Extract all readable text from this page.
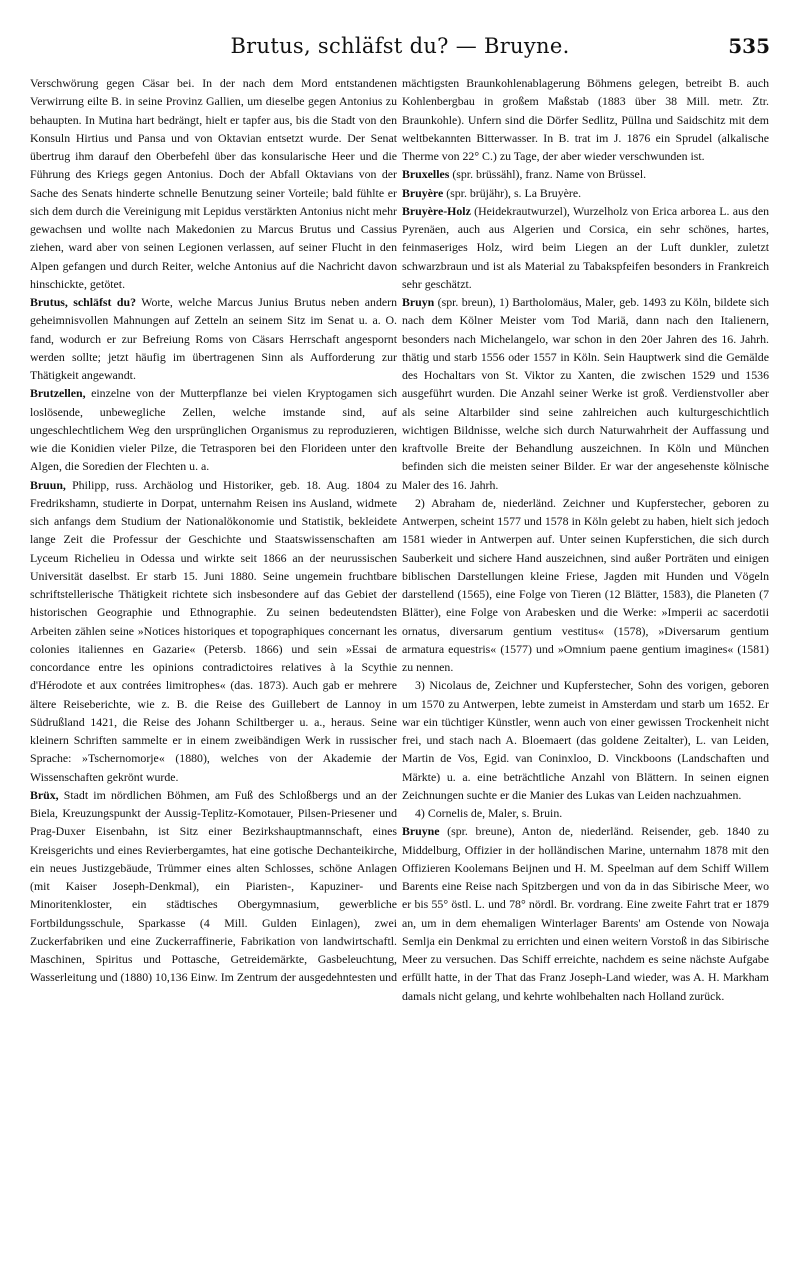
Brutus, schläfst du? — Bruyne.	535

Verschwörung gegen Cäsar bei. In der nach dem Mord entstandenen Verwirrung eilte B. in seine Provinz Gallien, um dieselbe gegen Antonius zu behaupten. In Mutina hart bedrängt, hielt er tapfer aus, bis die Stadt von den Konsuln Hirtius und Pansa und von Oktavian entsetzt wurde. Der Senat übertrug ihm darauf den Oberbefehl über das konsularische Heer und die Führung des Kriegs gegen Antonius. Doch der Abfall Oktavians von der Sache des Senats hinderte schnelle Benutzung seiner Vorteile; bald fühlte er sich dem durch die Vereinigung mit Lepidus verstärkten Antonius nicht mehr gewachsen und wollte nach Makedonien zu Marcus Brutus und Cassius ziehen, ward aber von seinen Legionen verlassen, auf seiner Flucht in den Alpen gefangen und durch Reiter, welche Antonius auf die Nachricht davon hinschickte, getötet.

Brutus, schläfst du? Worte, welche Marcus Junius Brutus neben andern geheimnisvollen Mahnungen auf Zetteln an seinem Sitz im Senat u. a. O. fand, wodurch er zur Befreiung Roms von Cäsars Herrschaft angespornt werden sollte; jetzt häufig im übertragenen Sinn als Aufforderung zur Thätigkeit angewandt.

Brutzellen, einzelne von der Mutterpflanze bei vielen Kryptogamen sich loslösende, unbewegliche Zellen, welche imstande sind, auf ungeschlechtlichem Weg den ursprünglichen Organismus zu reproduzieren, wie die Konidien vieler Pilze, die Tetrasporen bei den Florideen unter den Algen, die Soredien der Flechten u. a.

Bruun, Philipp, russ. Archäolog und Historiker, geb. 18. Aug. 1804 zu Fredrikshamn, studierte in Dorpat, unternahm Reisen ins Ausland, widmete sich anfangs dem Studium der Nationalökonomie und Statistik, bekleidete lange Zeit die Professur der Geschichte und Staatswissenschaften am Lyceum Richelieu in Odessa und wirkte seit 1866 an der neurussischen Universität daselbst. Er starb 15. Juni 1880. Seine ungemein fruchtbare schriftstellerische Thätigkeit richtete sich insbesondere auf das Gebiet der historischen Geographie und Ethnographie. Zu seinen bedeutendsten Arbeiten zählen seine »Notices historiques et topographiques concernant les colonies italiennes en Gazarie« (Petersb. 1866) und sein »Essai de concordance entre les opinions contradictoires relatives à la Scythie d'Hérodote et aux contrées limitrophes« (das. 1873). Auch gab er mehrere ältere Reiseberichte, wie z. B. die Reise des Guillebert de Lannoy in Südrußland 1421, die Reise des Johann Schiltberger u. a., heraus. Seine kleinern Schriften sammelte er in einem zweibändigen Werk in russischer Sprache: »Tschernomorje« (1880), welches von der Akademie der Wissenschaften gekrönt wurde.

Brüx, Stadt im nördlichen Böhmen, am Fuß des Schloßbergs und an der Biela, Kreuzungspunkt der Aussig-Teplitz-Komotauer, Pilsen-Priesener und Prag-Duxer Eisenbahn, ist Sitz einer Bezirkshauptmannschaft, eines Kreisgerichts und eines Revierbergamtes, hat eine gotische Dechanteikirche, ein neues Justizgebäude, Trümmer eines alten Schlosses, schöne Anlagen (mit Kaiser Joseph-Denkmal), ein Piaristen-, Kapuziner- und Minoritenkloster, ein städtisches Obergymnasium, gewerbliche Fortbildungsschule, Sparkasse (4 Mill. Gulden Einlagen), zwei Zuckerfabriken und eine Zuckerraffinerie, Fabrikation von landwirtschaftl. Maschinen, Spiritus und Pottasche, Getreidemärkte, Gasbeleuchtung, Wasserleitung und (1880) 10,136 Einw. Im Zentrum der ausgedehntesten und

mächtigsten Braunkohlenablagerung Böhmens gelegen, betreibt B. auch Kohlenbergbau in großem Maßstab (1883 über 38 Mill. metr. Ztr. Braunkohle). Unfern sind die Dörfer Sedlitz, Püllna und Saidschitz mit dem weltbekannten Bitterwasser. In B. trat im J. 1876 ein Sprudel (alkalische Therme von 22° C.) zu Tage, der aber wieder verschwunden ist.

Bruxelles (spr. brüssähl), franz. Name von Brüssel.

Bruyère (spr. brüjähr), s. La Bruyère.

Bruyère-Holz (Heidekrautwurzel), Wurzelholz von Erica arborea L. aus den Pyrenäen, auch aus Algerien und Corsica, ein sehr schönes, hartes, feinmaseriges Holz, wird beim Liegen an der Luft dunkler, zuletzt schwarzbraun und ist als Material zu Tabakspfeifen besonders in Frankreich sehr geschätzt.

Bruyn (spr. breun), 1) Bartholomäus, Maler, geb. 1493 zu Köln, bildete sich nach dem Kölner Meister vom Tod Mariä, dann nach den Italienern, besonders nach Michelangelo, war schon in den 20er Jahren des 16. Jahrh. thätig und starb 1556 oder 1557 in Köln. Sein Hauptwerk sind die Gemälde des Hochaltars von St. Viktor zu Xanten, die zwischen 1529 und 1536 ausgeführt wurden. Die Anzahl seiner Werke ist groß. Verdienstvoller aber als seine Altarbilder sind seine zahlreichen auch kulturgeschichtlich wichtigen Bildnisse, welche sich durch Naturwahrheit der Auffassung und kraftvolle Breite der Behandlung auszeichnen. In Köln und München befinden sich die meisten seiner Bilder. Er war der angesehenste kölnische Maler des 16. Jahrh.

2) Abraham de, niederländ. Zeichner und Kupferstecher, geboren zu Antwerpen, scheint 1577 und 1578 in Köln gelebt zu haben, hielt sich jedoch 1581 wieder in Antwerpen auf. Unter seinen Kupferstichen, die sich durch Sauberkeit und sichere Hand auszeichnen, sind außer Porträten und einigen biblischen Darstellungen kleine Friese, Jagden mit Hunden und Vögeln darstellend (1565), eine Folge von Tieren (12 Blätter, 1583), die Planeten (7 Blätter), eine Folge von Arabesken und die Werke: »Imperii ac sacerdotii ornatus, diversarum gentium vestitus« (1578), »Diversarum gentium armatura equestris« (1577) und »Omnium paene gentium imagines« (1581) zu nennen.

3) Nicolaus de, Zeichner und Kupferstecher, Sohn des vorigen, geboren um 1570 zu Antwerpen, lebte zumeist in Amsterdam und starb um 1652. Er war ein tüchtiger Künstler, wenn auch von einer gewissen Trockenheit nicht frei, und stach nach A. Bloemaert (das goldene Zeitalter), L. van Leiden, Martin de Vos, Egid. van Coninxloo, D. Vinckboons (Landschaften und Märkte) u. a. eine beträchtliche Anzahl von Blättern. In seinen eignen Zeichnungen suchte er die Manier des Lukas van Leiden nachzuahmen.

4) Cornelis de, Maler, s. Bruin.

Bruyne (spr. breune), Anton de, niederländ. Reisender, geb. 1840 zu Middelburg, Offizier in der holländischen Marine, unternahm 1878 mit den Offizieren Koolemans Beijnen und H. M. Speelman auf dem Schiff Willem Barents eine Reise nach Spitzbergen und von da in das Sibirische Meer, wo er bis 55° östl. L. und 78° nördl. Br. vordrang. Eine zweite Fahrt trat er 1879 an, um in dem ehemaligen Winterlager Barents' am Ostende von Nowaja Semlja ein Denkmal zu errichten und einen weitern Vorstoß in das Sibirische Meer zu versuchen. Das Schiff erreichte, nachdem es seine nächste Aufgabe erfüllt hatte, in der That das Franz Joseph-Land wieder, was A. H. Markham damals nicht gelang, und kehrte wohlbehalten nach Holland zurück.
